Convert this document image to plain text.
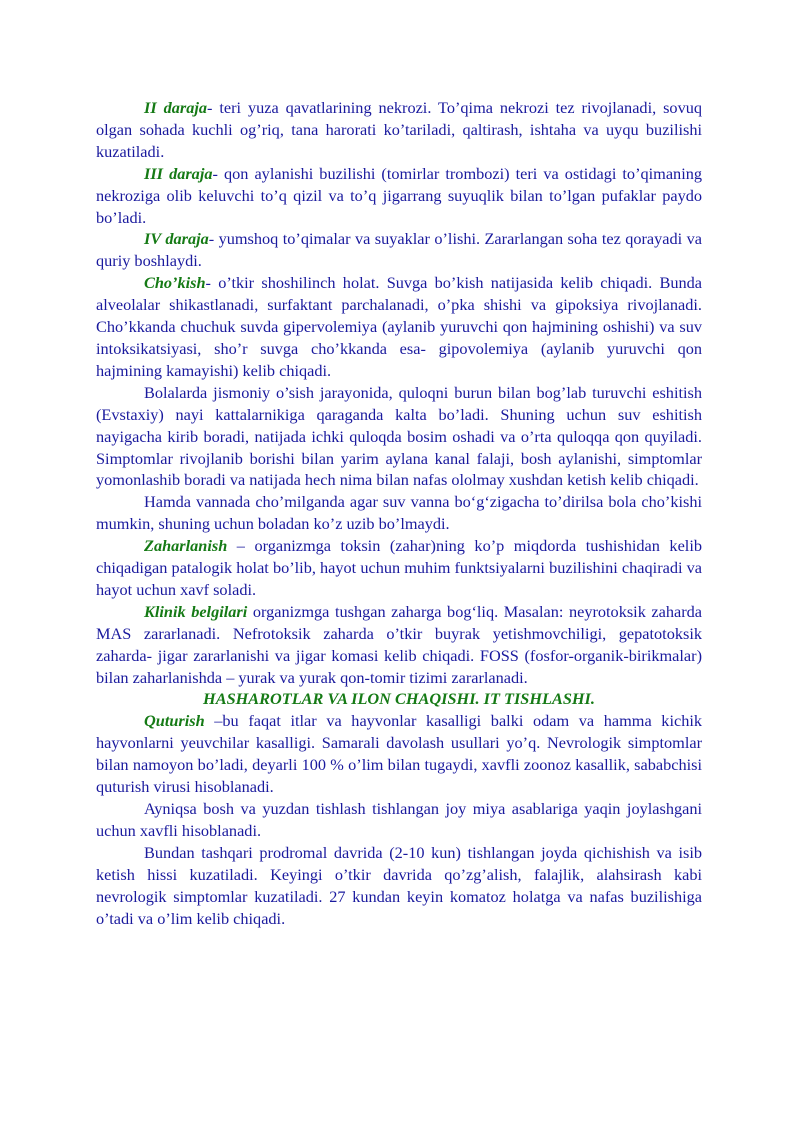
II daraja- teri yuza qavatlarining nekrozi. To’qima nekrozi tez rivojlanadi, sovuq olgan sohada kuchli og’riq, tana harorati ko’tariladi, qaltirash, ishtaha va uyqu buzilishi kuzatiladi.

III daraja- qon aylanishi buzilishi (tomirlar trombozi) teri va ostidagi to’qimaning nekroziga olib keluvchi to’q qizil va to’q jigarrang suyuqlik bilan to’lgan pufaklar paydo bo’ladi.

IV daraja- yumshoq to’qimalar va suyaklar o’lishi. Zararlangan soha tez qorayadi va quriy boshlaydi.

Cho’kish- o’tkir shoshilinch holat. Suvga bo’kish natijasida kelib chiqadi. Bunda alveolalar shikastlanadi, surfaktant parchalanadi, o’pka shishi va gipoksiya rivojlanadi. Cho’kkanda chuchuk suvda gipervolemiya (aylanib yuruvchi qon hajmining oshishi) va suv intoksikatsiyasi, sho’r suvga cho’kkanda esa- gipovolemiya (aylanib yuruvchi qon hajmining kamayishi) kelib chiqadi.

Bolalarda jismoniy o’sish jarayonida, quloqni burun bilan bog’lab turuvchi eshitish (Evstaxiy) nayi kattalarnikiga qaraganda kalta bo’ladi. Shuning uchun suv eshitish nayigacha kirib boradi, natijada ichki quloqda bosim oshadi va o’rta quloqqa qon quyiladi. Simptomlar rivojlanib borishi bilan yarim aylana kanal falaji, bosh aylanishi, simptomlar yomonlashib boradi va natijada hech nima bilan nafas ololmay xushdan ketish kelib chiqadi.

Hamda vannada cho’milganda agar suv vanna bo‘g‘zigacha to’dirilsa bola cho’kishi mumkin, shuning uchun boladan ko’z uzib bo’lmaydi.

Zaharlanish – organizmga toksin (zahar)ning ko’p miqdorda tushishidan kelib chiqadigan patalogik holat bo’lib, hayot uchun muhim funktsiyalarni buzilishini chaqiradi va hayot uchun xavf soladi.

Klinik belgilari organizmga tushgan zaharga bog‘liq. Masalan: neyrotoksik zaharda MAS zararlanadi. Nefrotoksik zaharda o’tkir buyrak yetishmovchiligi, gepatotoksik zaharda- jigar zararlanishi va jigar komasi kelib chiqadi. FOSS (fosfor-organik-birikmalar) bilan zaharlanishda – yurak va yurak qon-tomir tizimi zararlanadi.

HASHAROTLAR VA ILON CHAQISHI. IT TISHLASHI.

Quturish –bu faqat itlar va hayvonlar kasalligi balki odam va hamma kichik hayvonlarni yeuvchilar kasalligi. Samarali davolash usullari yo’q. Nevrologik simptomlar bilan namoyon bo’ladi, deyarli 100 % o’lim bilan tugaydi, xavfli zoonoz kasallik, sababchisi quturish virusi hisoblanadi.

Ayniqsa bosh va yuzdan tishlash tishlangan joy miya asablariga yaqin joylashgani uchun xavfli hisoblanadi.

Bundan tashqari prodromal davrida (2-10 kun) tishlangan joyda qichishish va isib ketish hissi kuzatiladi. Keyingi o’tkir davrida qo’zg’alish, falajlik, alahsirash kabi nevrologik simptomlar kuzatiladi. 27 kundan keyin komatoz holatga va nafas buzilishiga o’tadi va o’lim kelib chiqadi.
